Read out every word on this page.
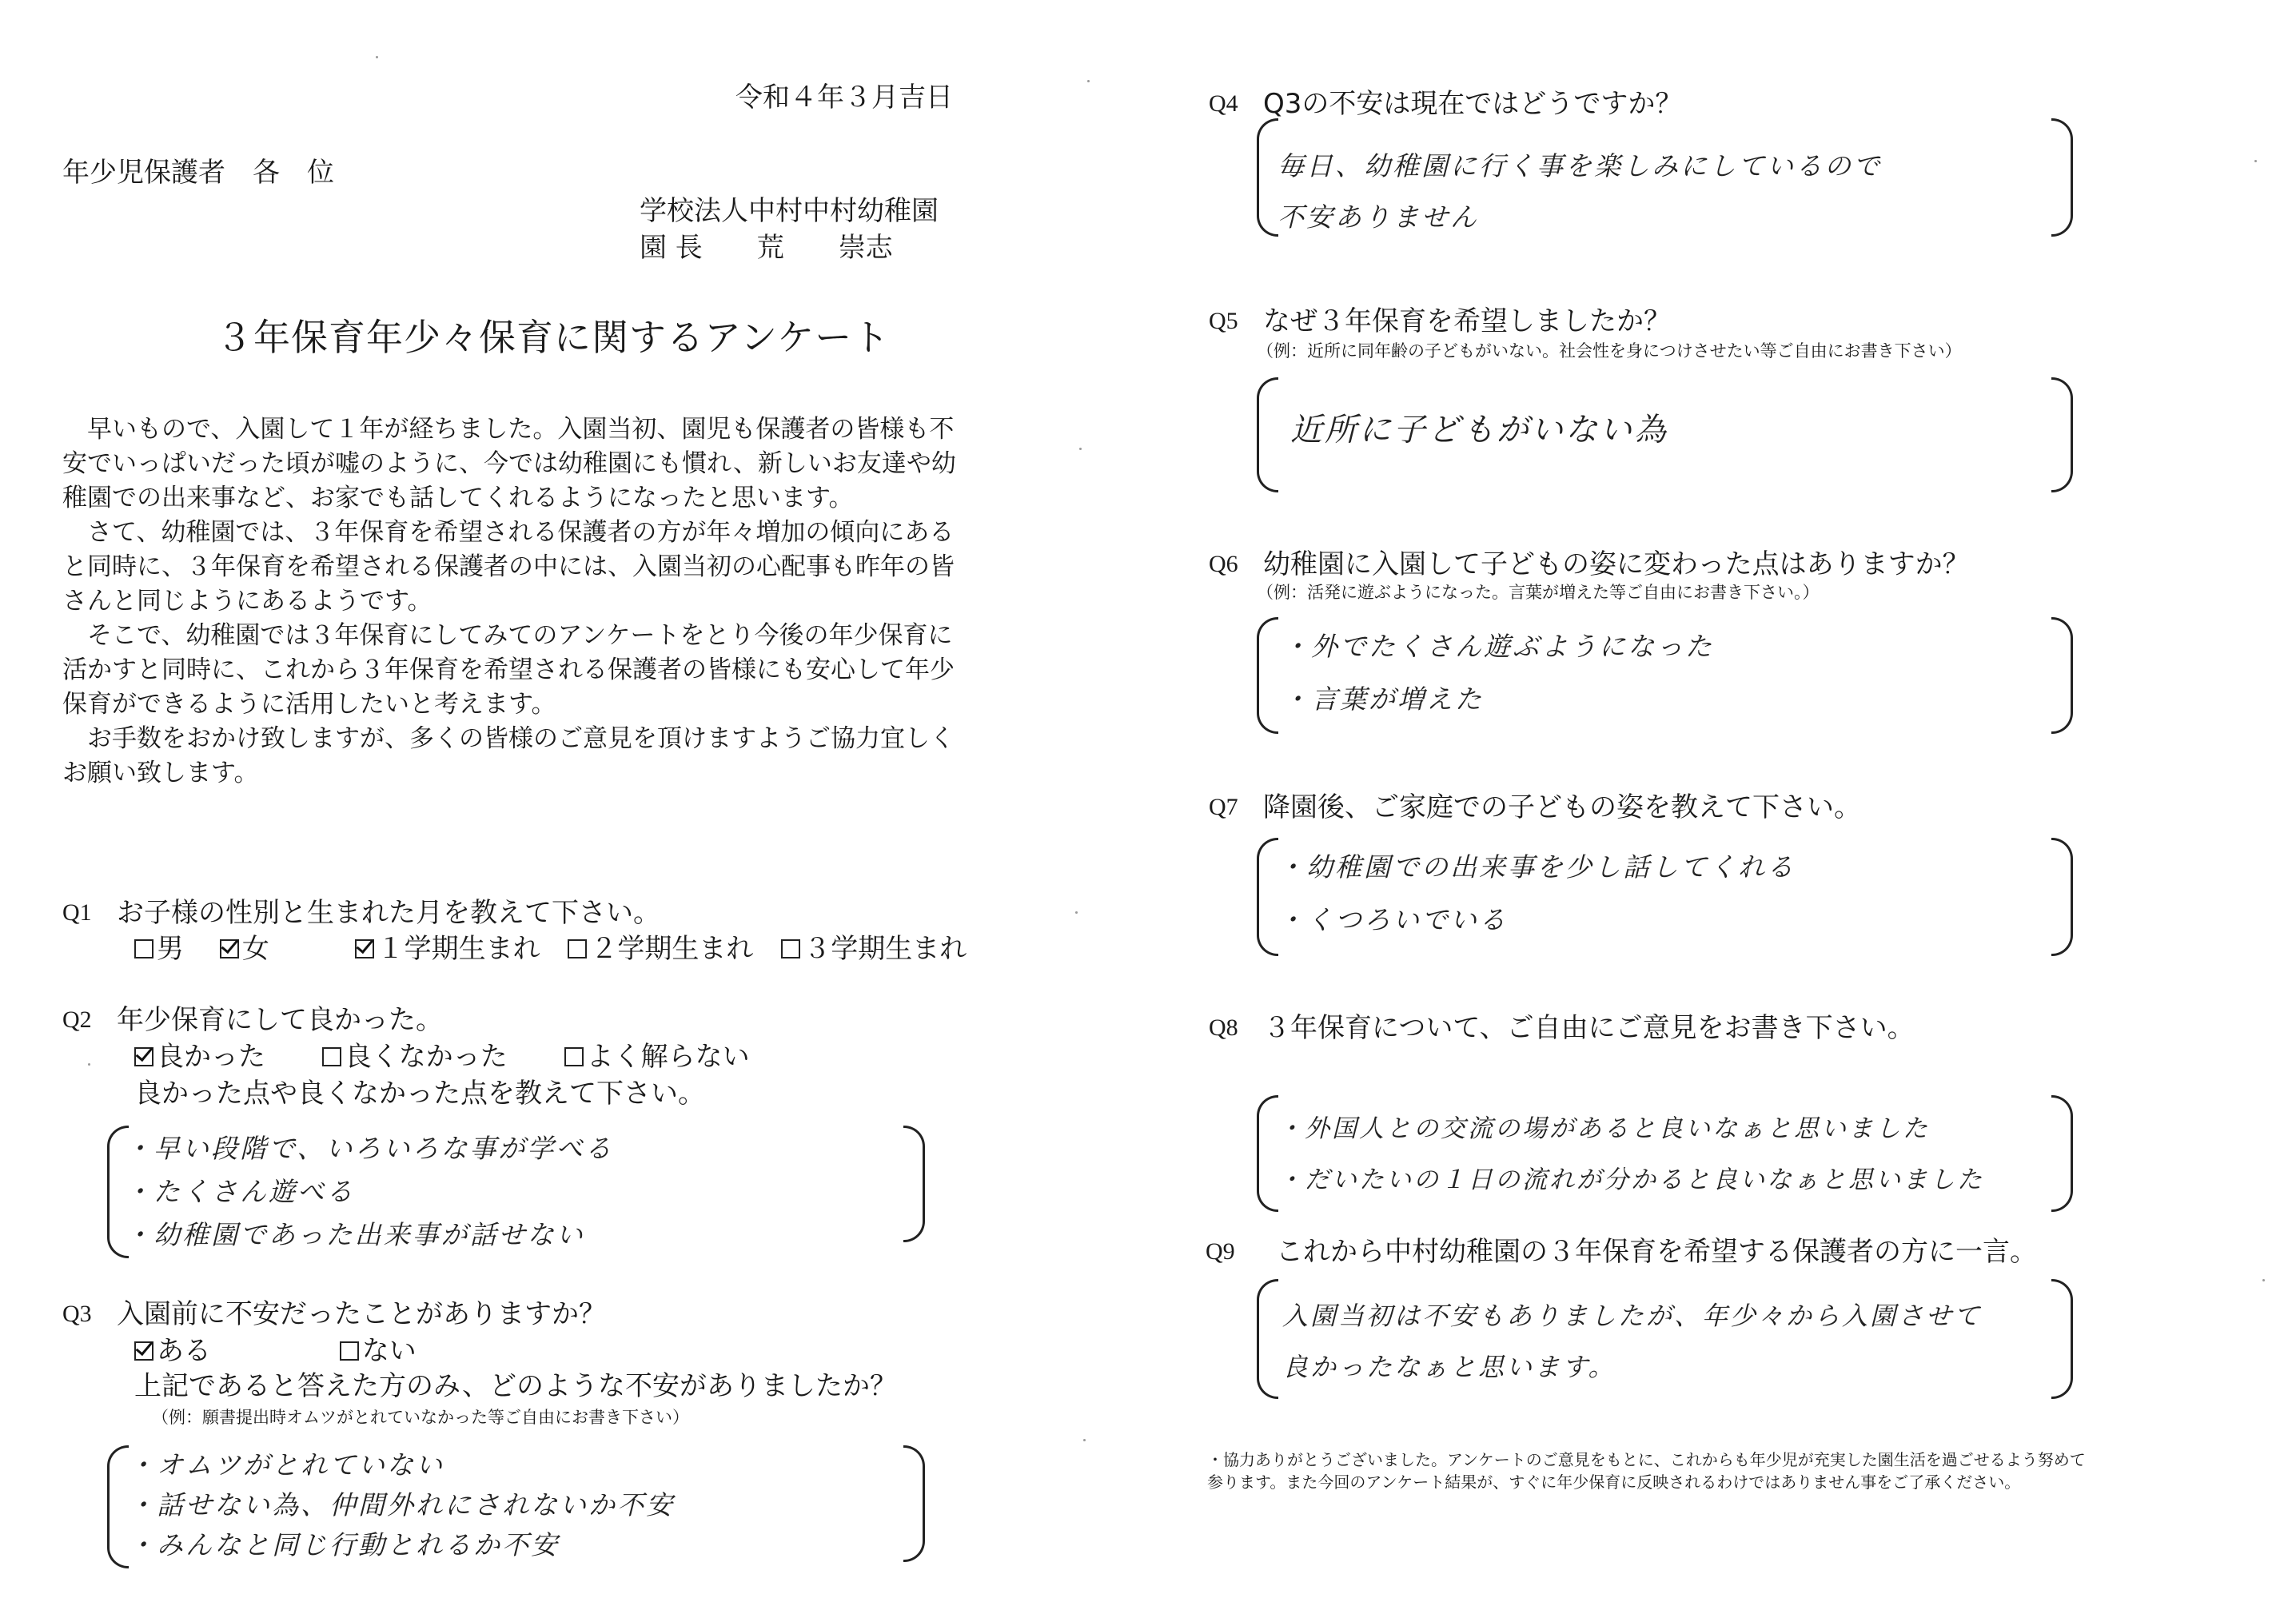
令和４年３月吉日
年少児保護者　各　位
学校法人中村中村幼稚園
園 長　　荒　　崇志
３年保育年少々保育に関するアンケート

　早いもので、入園して１年が経ちました。入園当初、園児も保護者の皆様も不安でいっぱいだった頃が嘘のように、今では幼稚園にも慣れ、新しいお友達や幼稚園での出来事など、お家でも話してくれるようになったと思います。

　さて、幼稚園では、３年保育を希望される保護者の方が年々増加の傾向にあると同時に、３年保育を希望される保護者の中には、入園当初の心配事も昨年の皆さんと同じようにあるようです。

　そこで、幼稚園では３年保育にしてみてのアンケートをとり今後の年少保育に活かすと同時に、これから３年保育を希望される保護者の皆様にも安心して年少保育ができるように活用したいと考えます。

　お手数をおかけ致しますが、多くの皆様のご意見を頂けますようご協力宜しくお願い致します。

Q1 お子様の性別と生まれた月を教えて下さい。
男
女
	１学期生まれ
２学期生まれ
３学期生まれ
Q2 年少保育にして良かった。
良かった
	良くなかった
	よく解らない
良かった点や良くなかった点を教えて下さい。
・早い段階で、いろいろな事が学べる
・たくさん遊べる
・幼稚園であった出来事が話せない
Q3 入園前に不安だったことがありますか？
ある
	ない
上記であると答えた方のみ、どのような不安がありましたか？
（例：願書提出時オムツがとれていなかった等ご自由にお書き下さい）
・オムツがとれていない
・話せない為、仲間外れにされないか不安
・みんなと同じ行動とれるか不安
Q4 Q3の不安は現在ではどうですか？
毎日、幼稚園に行く事を楽しみにしているので
不安ありません
Q5 なぜ３年保育を希望しましたか？
（例：近所に同年齢の子どもがいない。社会性を身につけさせたい等ご自由にお書き下さい）
近所に子どもがいない為
Q6 幼稚園に入園して子どもの姿に変わった点はありますか？
（例：活発に遊ぶようになった。言葉が増えた等ご自由にお書き下さい。）
・外でたくさん遊ぶようになった
・言葉が増えた
Q7 降園後、ご家庭での子どもの姿を教えて下さい。
・幼稚園での出来事を少し話してくれる
・くつろいでいる
Q8 ３年保育について、ご自由にご意見をお書き下さい。
・外国人との交流の場があると良いなぁと思いました
・だいたいの１日の流れが分かると良いなぁと思いました
Q9 これから中村幼稚園の３年保育を希望する保護者の方に一言。
入園当初は不安もありましたが、年少々から入園させて
良かったなぁと思います。
・協力ありがとうございました。アンケートのご意見をもとに、これからも年少児が充実した園生活を過ごせるよう努めて参ります。また今回のアンケート結果が、すぐに年少保育に反映されるわけではありません事をご了承ください。
